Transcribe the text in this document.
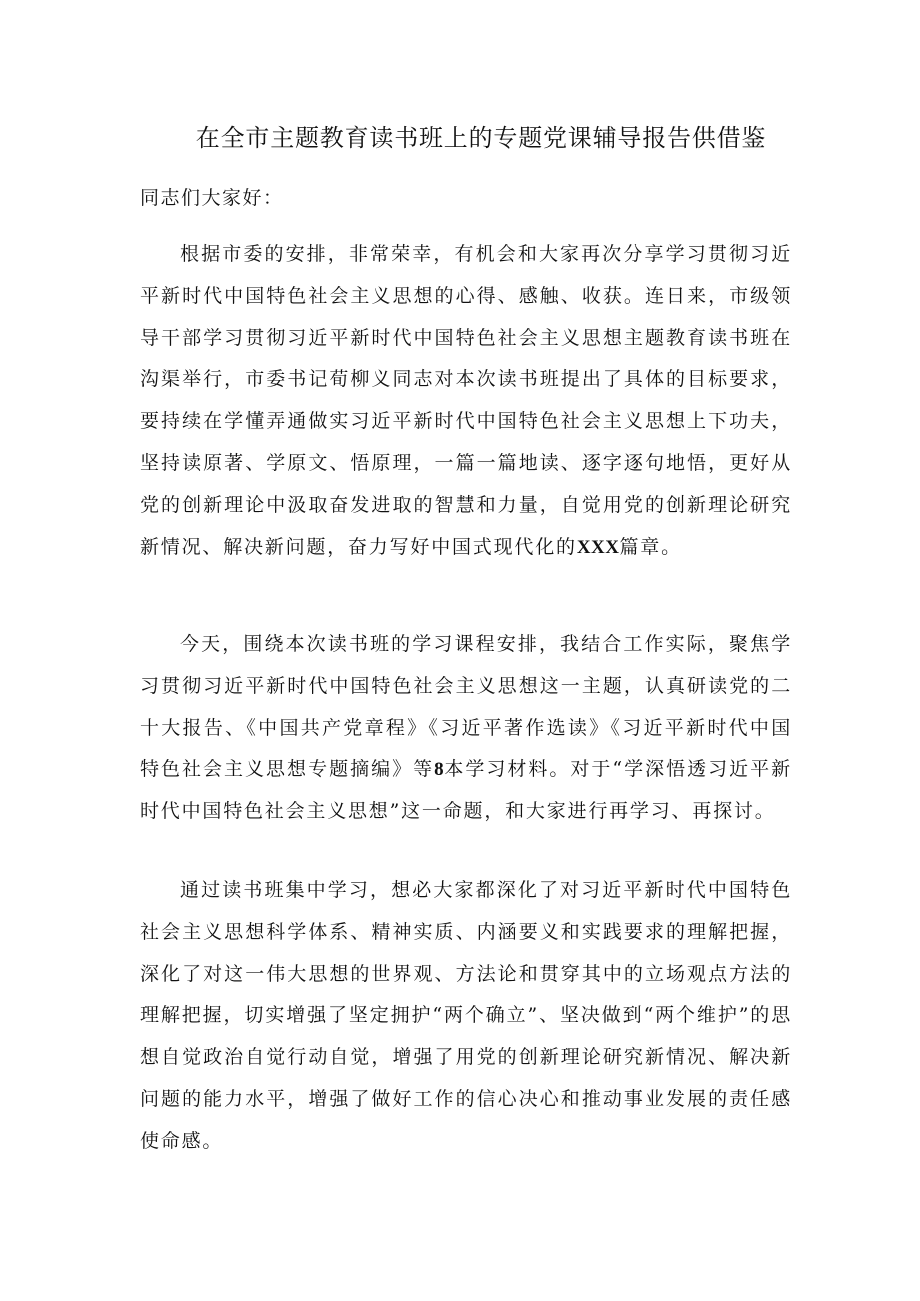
在全市主题教育读书班上的专题党课辅导报告供借鉴

同志们大家好：

根据市委的安排，非常荣幸，有机会和大家再次分享学习贯彻习近平新时代中国特色社会主义思想的心得、感触、收获。连日来，市级领导干部学习贯彻习近平新时代中国特色社会主义思想主题教育读书班在沟渠举行，市委书记荀柳义同志对本次读书班提出了具体的目标要求，要持续在学懂弄通做实习近平新时代中国特色社会主义思想上下功夫，坚持读原著、学原文、悟原理，一篇一篇地读、逐字逐句地悟，更好从党的创新理论中汲取奋发进取的智慧和力量，自觉用党的创新理论研究新情况、解决新问题，奋力写好中国式现代化的XXX篇章。

今天，围绕本次读书班的学习课程安排，我结合工作实际，聚焦学习贯彻习近平新时代中国特色社会主义思想这一主题，认真研读党的二十大报告、《中国共产党章程》《习近平著作选读》《习近平新时代中国特色社会主义思想专题摘编》等8本学习材料。对于“学深悟透习近平新时代中国特色社会主义思想”这一命题，和大家进行再学习、再探讨。

通过读书班集中学习，想必大家都深化了对习近平新时代中国特色社会主义思想科学体系、精神实质、内涵要义和实践要求的理解把握，深化了对这一伟大思想的世界观、方法论和贯穿其中的立场观点方法的理解把握，切实增强了坚定拥护“两个确立”、坚决做到“两个维护”的思想自觉政治自觉行动自觉，增强了用党的创新理论研究新情况、解决新问题的能力水平，增强了做好工作的信心决心和推动事业发展的责任感使命感。
